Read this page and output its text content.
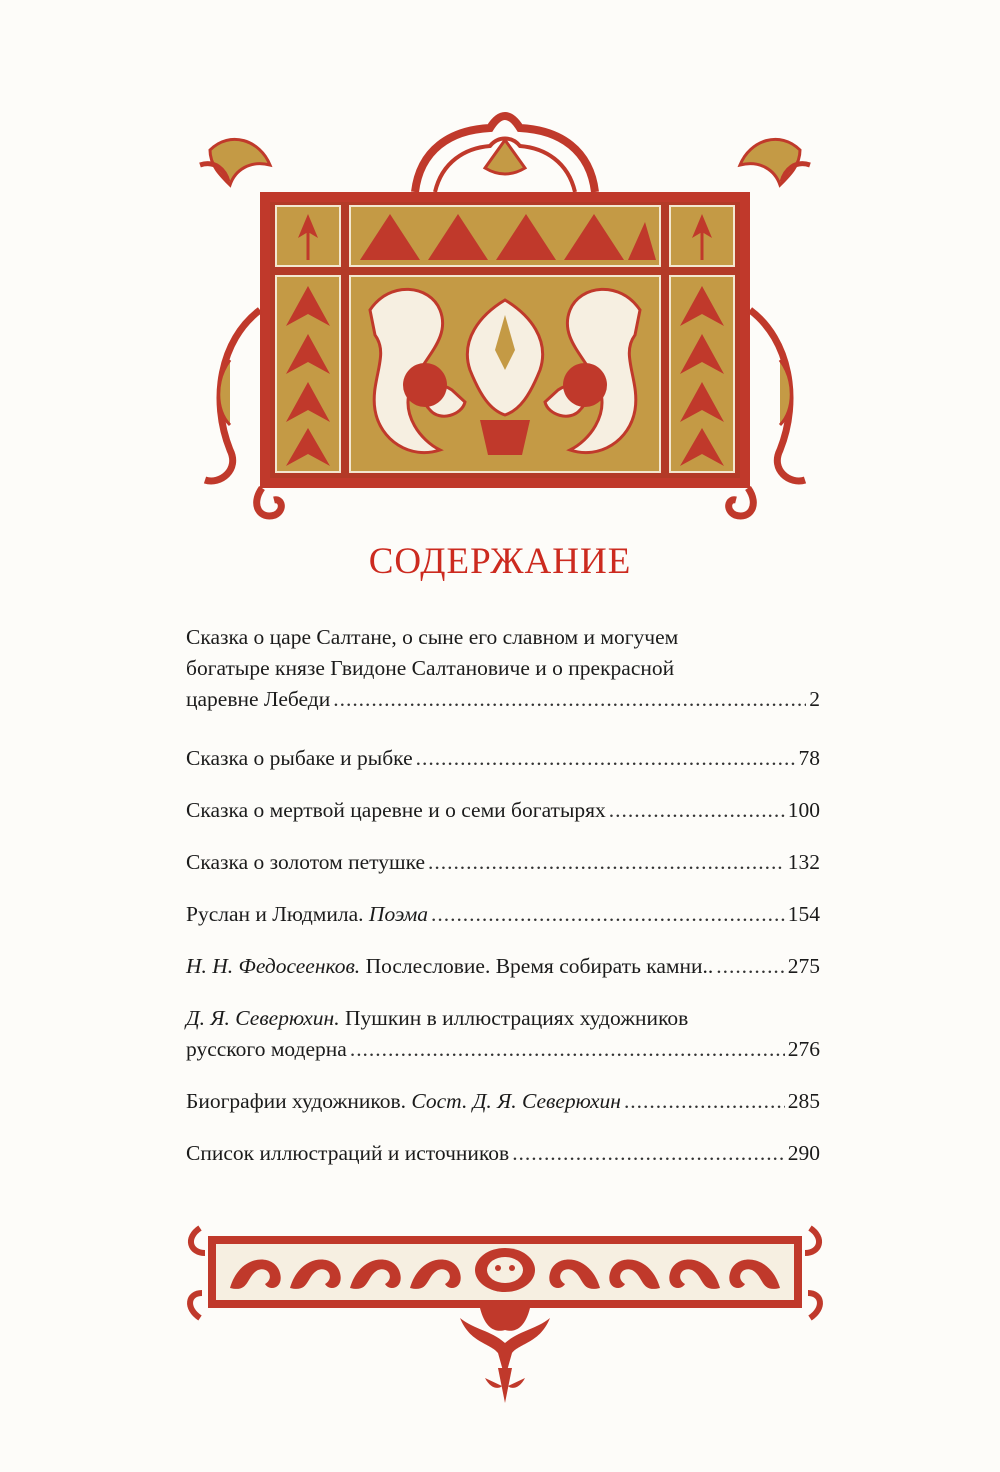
СОДЕРЖАНИЕ
Сказка о царе Салтане, о сыне его славном и могучем
богатыре князе Гвидоне Салтановиче и о прекрасной
царевне Лебеди . . .	2
Сказка о рыбаке и рыбке . . .	78
Сказка о мертвой царевне и о семи богатырях . . .	100
Сказка о золотом петушке . . .	132
Руслан и Людмила. Поэма . . .	154
Н. Н. Федосеенков. Послесловие. Время собирать камни.. . . .	275
Д. Я. Северюхин. Пушкин в иллюстрациях художников
русского модерна . . .	276
Биографии художников. Сост. Д. Я. Северюхин . . .	285
Список иллюстраций и источников . . .	290
